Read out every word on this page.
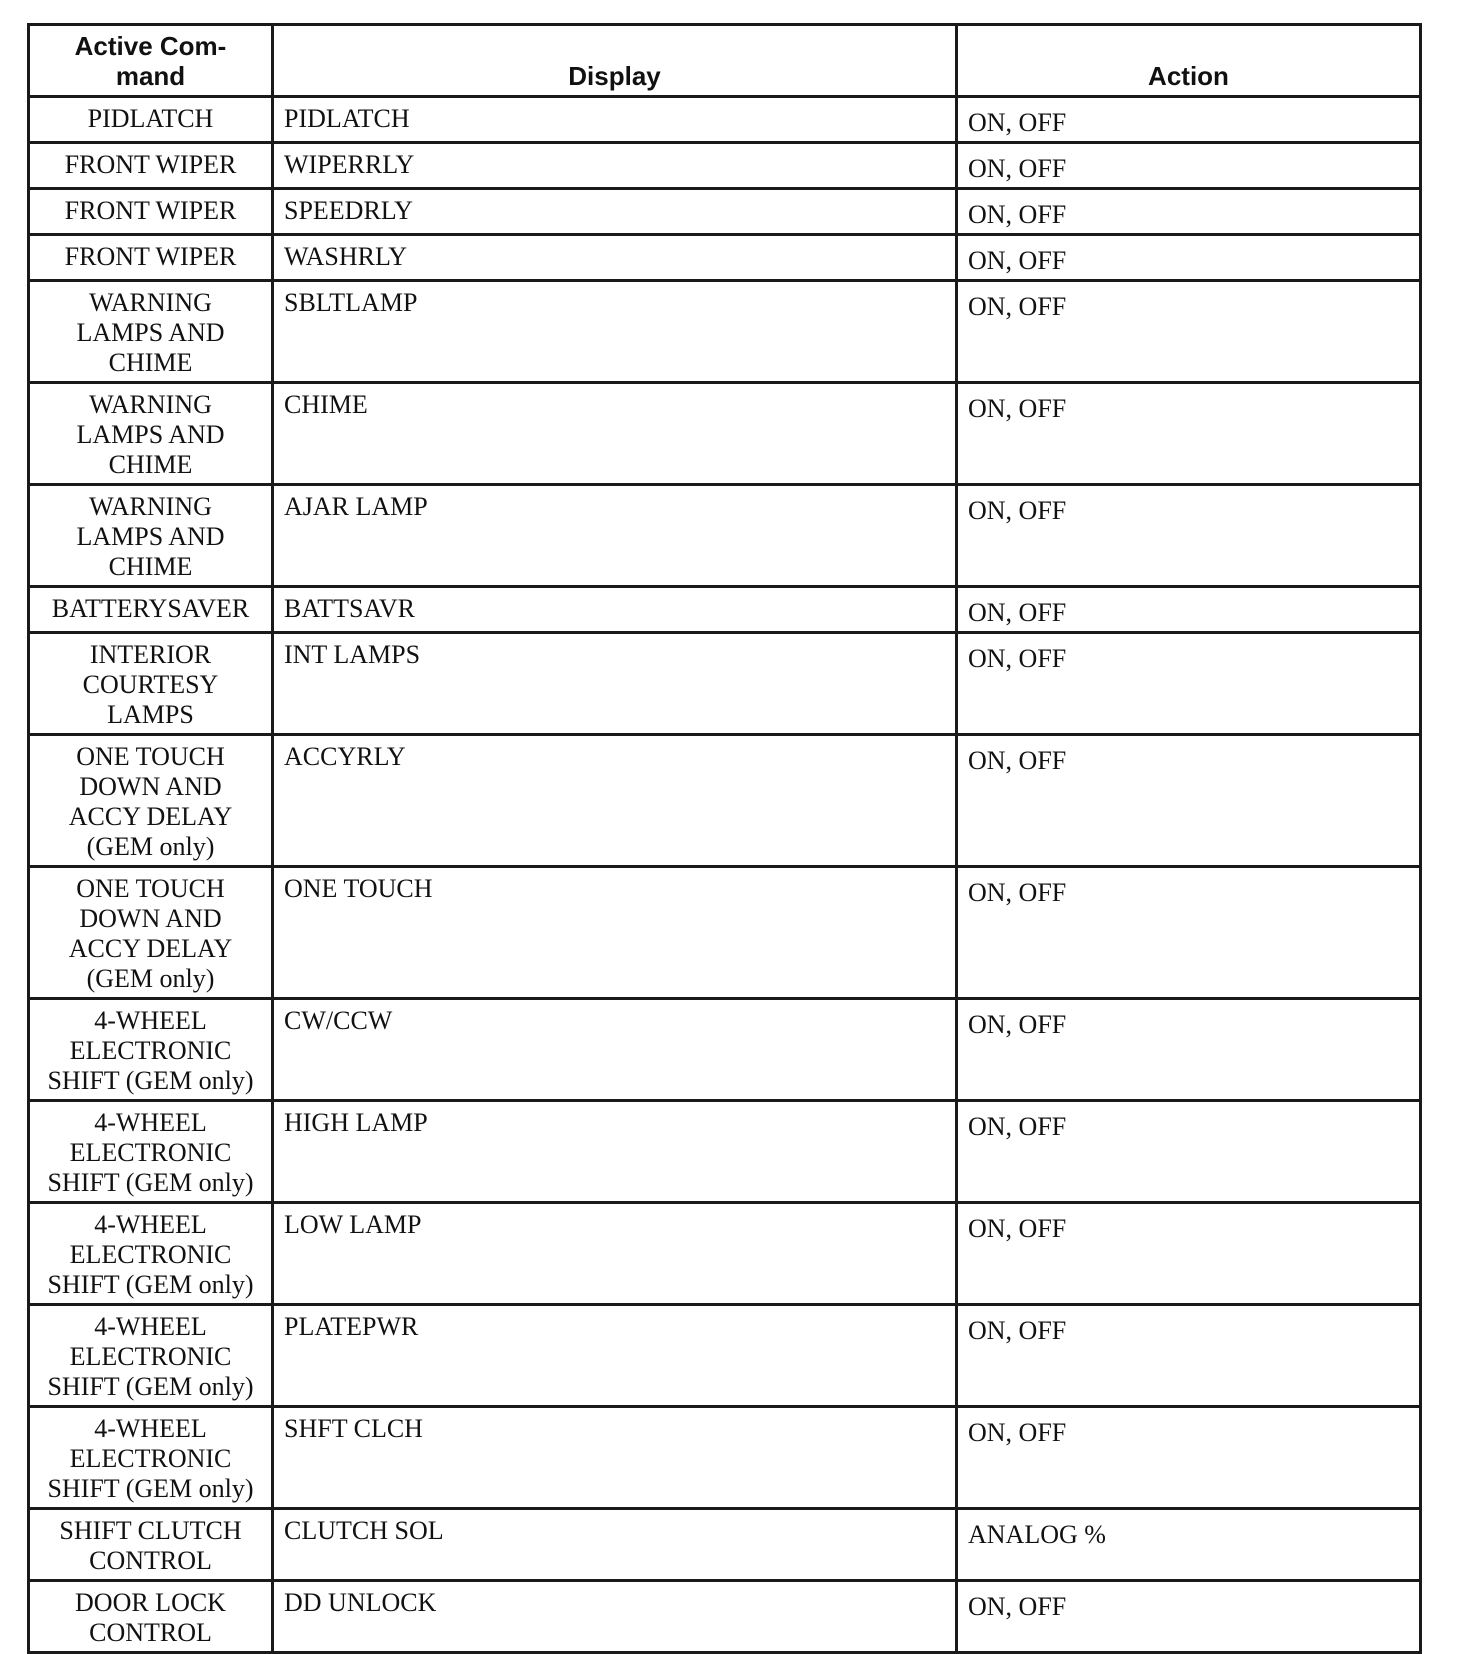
Active Com-
mand	Display	Action
PIDLATCH	PIDLATCH	ON, OFF
FRONT WIPER	WIPERRLY	ON, OFF
FRONT WIPER	SPEEDRLY	ON, OFF
FRONT WIPER	WASHRLY	ON, OFF
WARNING
LAMPS AND
CHIME	SBLTLAMP	ON, OFF
WARNING
LAMPS AND
CHIME	CHIME	ON, OFF
WARNING
LAMPS AND
CHIME	AJAR LAMP	ON, OFF
BATTERYSAVER	BATTSAVR	ON, OFF
INTERIOR
COURTESY
LAMPS	INT LAMPS	ON, OFF
ONE TOUCH
DOWN AND
ACCY DELAY
(GEM only)	ACCYRLY	ON, OFF
ONE TOUCH
DOWN AND
ACCY DELAY
(GEM only)	ONE TOUCH	ON, OFF
4-WHEEL
ELECTRONIC
SHIFT (GEM only)	CW/CCW	ON, OFF
4-WHEEL
ELECTRONIC
SHIFT (GEM only)	HIGH LAMP	ON, OFF
4-WHEEL
ELECTRONIC
SHIFT (GEM only)	LOW LAMP	ON, OFF
4-WHEEL
ELECTRONIC
SHIFT (GEM only)	PLATEPWR	ON, OFF
4-WHEEL
ELECTRONIC
SHIFT (GEM only)	SHFT CLCH	ON, OFF
SHIFT CLUTCH
CONTROL	CLUTCH SOL	ANALOG %
DOOR LOCK
CONTROL	DD UNLOCK	ON, OFF
